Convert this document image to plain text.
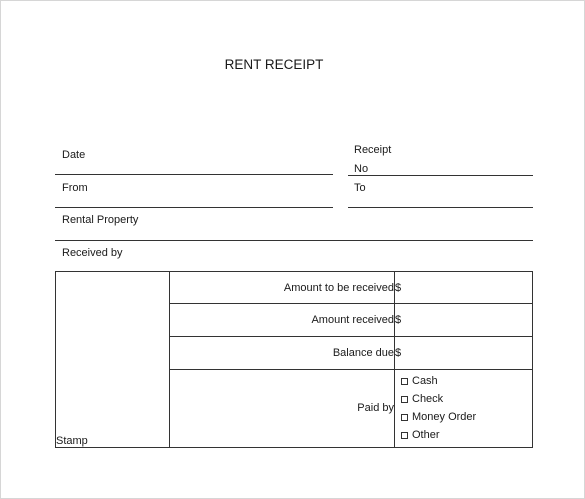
RENT RECEIPT
Date	Receipt
No
From	To
Rental Property
Received by
Stamp	Amount to be received	$
	Amount received	$
	Balance due	$
	Paid by	Cash
Check
Money Order
Other
